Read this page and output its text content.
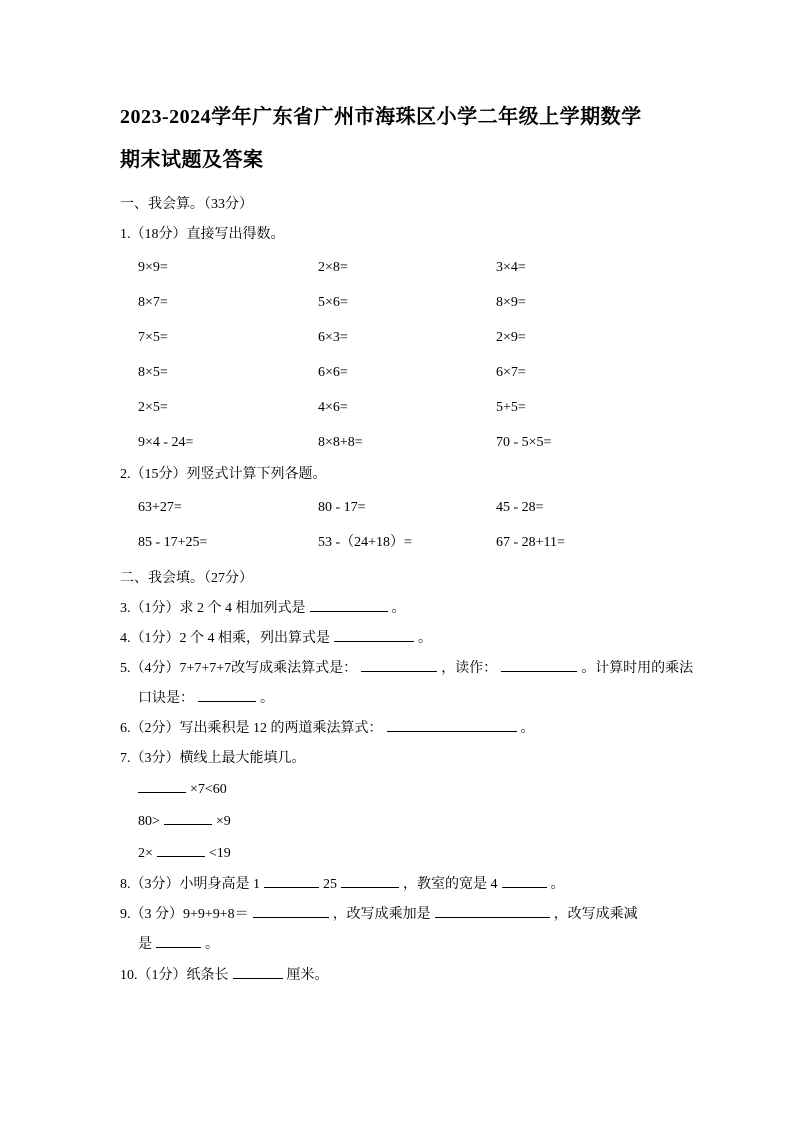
2023-2024学年广东省广州市海珠区小学二年级上学期数学
期末试题及答案

一、我会算。（33分）

1.（18分）直接写出得数。

9×9=	2×8=	3×4=
8×7=	5×6=	8×9=
7×5=	6×3=	2×9=
8×5=	6×6=	6×7=
2×5=	4×6=	5+5=
9×4 - 24=	8×8+8=	70 - 5×5=

2.（15分）列竖式计算下列各题。

63+27=	80 - 17=	45 - 28=
85 - 17+25=	53 -（24+18）=	67 - 28+11=

二、我会填。（27分）

3.（1分）求 2 个 4 相加列式是	。

4.（1分）2 个 4 相乘，列出算式是	。

5.（4分）7+7+7+7改写成乘法算式是：	，读作：	。计算时用的乘法

口诀是：	。

6.（2分）写出乘积是 12 的两道乘法算式：	。

7.（3分）横线上最大能填几。

×7<60

80>	×9

2×	<19

8.（3分）小明身高是 1	25	，教室的宽是 4	。

9.（3 分）9+9+9+8＝	，改写成乘加是	，改写成乘减

是	。

10.（1分）纸条长	厘米。
